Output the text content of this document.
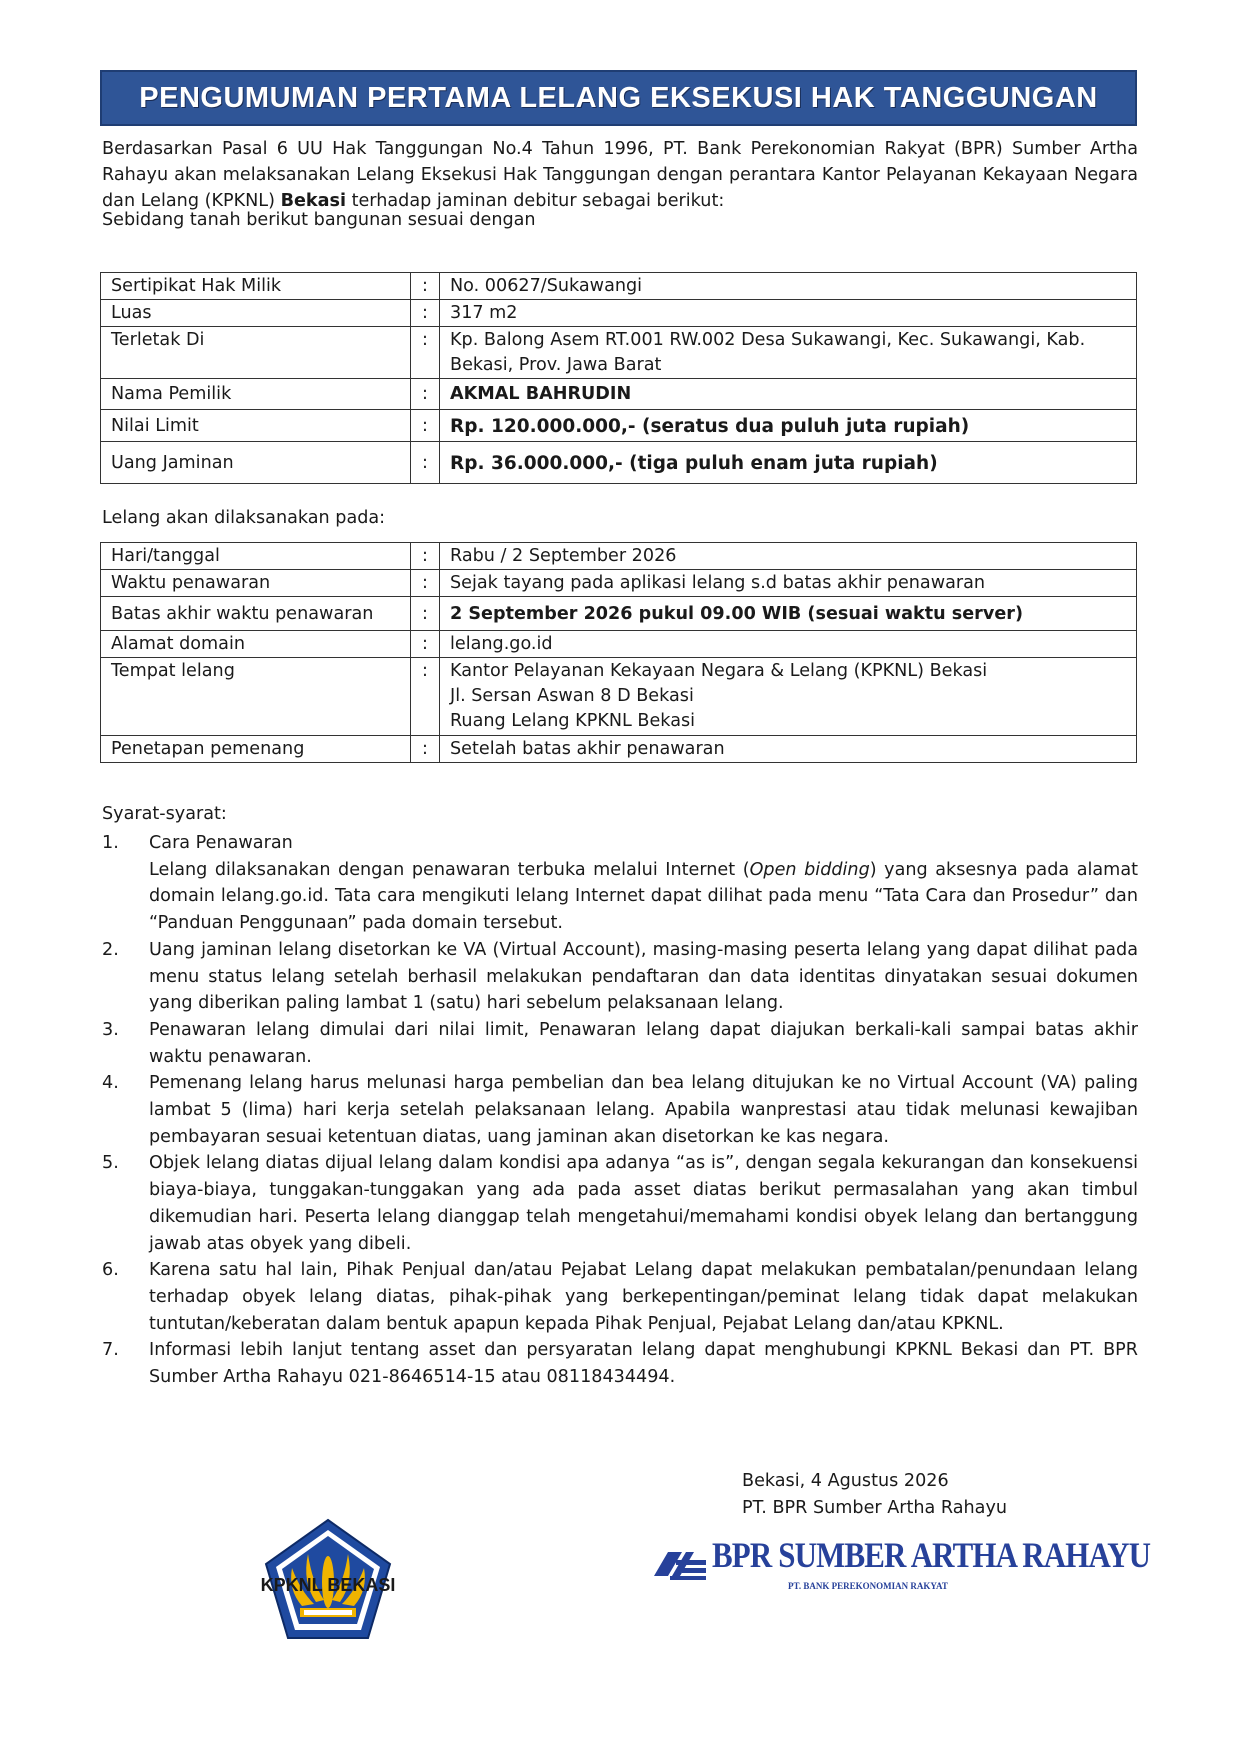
PENGUMUMAN PERTAMA LELANG EKSEKUSI HAK TANGGUNGAN

Berdasarkan Pasal 6 UU Hak Tanggungan No.4 Tahun 1996, PT. Bank Perekonomian Rakyat (BPR) Sumber Artha Rahayu akan melaksanakan Lelang Eksekusi Hak Tanggungan dengan perantara Kantor Pelayanan Kekayaan Negara dan Lelang (KPKNL) Bekasi terhadap jaminan debitur sebagai berikut:

Sebidang tanah berikut bangunan sesuai dengan
Sertipikat Hak Milik	:	No. 00627/Sukawangi
Luas	:	317 m2
Terletak Di	:	Kp. Balong Asem RT.001 RW.002 Desa Sukawangi, Kec. Sukawangi, Kab. Bekasi, Prov. Jawa Barat
Nama Pemilik	:	AKMAL BAHRUDIN
Nilai Limit	:	Rp. 120.000.000,- (seratus dua puluh juta rupiah)
Uang Jaminan	:	Rp. 36.000.000,- (tiga puluh enam juta rupiah)
Lelang akan dilaksanakan pada:
Hari/tanggal	:	Rabu / 2 September 2026
Waktu penawaran	:	Sejak tayang pada aplikasi lelang s.d batas akhir penawaran
Batas akhir waktu penawaran	:	2 September 2026 pukul 09.00 WIB (sesuai waktu server)
Alamat domain	:	lelang.go.id
Tempat lelang	:	Kantor Pelayanan Kekayaan Negara & Lelang (KPKNL) Bekasi
Jl. Sersan Aswan 8 D Bekasi
Ruang Lelang KPKNL Bekasi

Penetapan pemenang	:	Setelah batas akhir penawaran
Syarat-syarat:
1.	Cara Penawaran
Lelang dilaksanakan dengan penawaran terbuka melalui Internet (Open bidding) yang aksesnya pada alamat domain lelang.go.id. Tata cara mengikuti lelang Internet dapat dilihat pada menu “Tata Cara dan Prosedur” dan “Panduan Penggunaan” pada domain tersebut.
2.	Uang jaminan lelang disetorkan ke VA (Virtual Account), masing-masing peserta lelang yang dapat dilihat pada menu status lelang setelah berhasil melakukan pendaftaran dan data identitas dinyatakan sesuai dokumen yang diberikan paling lambat 1 (satu) hari sebelum pelaksanaan lelang.
3.	Penawaran lelang dimulai dari nilai limit, Penawaran lelang dapat diajukan berkali-kali sampai batas akhir waktu penawaran.
4.	Pemenang lelang harus melunasi harga pembelian dan bea lelang ditujukan ke no Virtual Account (VA) paling lambat 5 (lima) hari kerja setelah pelaksanaan lelang. Apabila wanprestasi atau tidak melunasi kewajiban pembayaran sesuai ketentuan diatas, uang jaminan akan disetorkan ke kas negara.
5.	Objek lelang diatas dijual lelang dalam kondisi apa adanya “as is”, dengan segala kekurangan dan konsekuensi biaya-biaya, tunggakan-tunggakan yang ada pada asset diatas berikut permasalahan yang akan timbul dikemudian hari. Peserta lelang dianggap telah mengetahui/memahami kondisi obyek lelang dan bertanggung jawab atas obyek yang dibeli.
6.	Karena satu hal lain, Pihak Penjual dan/atau Pejabat Lelang dapat melakukan pembatalan/penundaan lelang terhadap obyek lelang diatas, pihak-pihak yang berkepentingan/peminat lelang tidak dapat melakukan tuntutan/keberatan dalam bentuk apapun kepada Pihak Penjual, Pejabat Lelang dan/atau KPKNL.
7.	Informasi lebih lanjut tentang asset dan persyaratan lelang dapat menghubungi KPKNL Bekasi dan PT. BPR Sumber Artha Rahayu 021-8646514-15 atau 08118434494.
Bekasi, 4 Agustus 2026
PT. BPR Sumber Artha Rahayu
KPKNL BEKASI
BPR SUMBER ARTHA RAHAYU
PT. BANK PEREKONOMIAN RAKYAT
